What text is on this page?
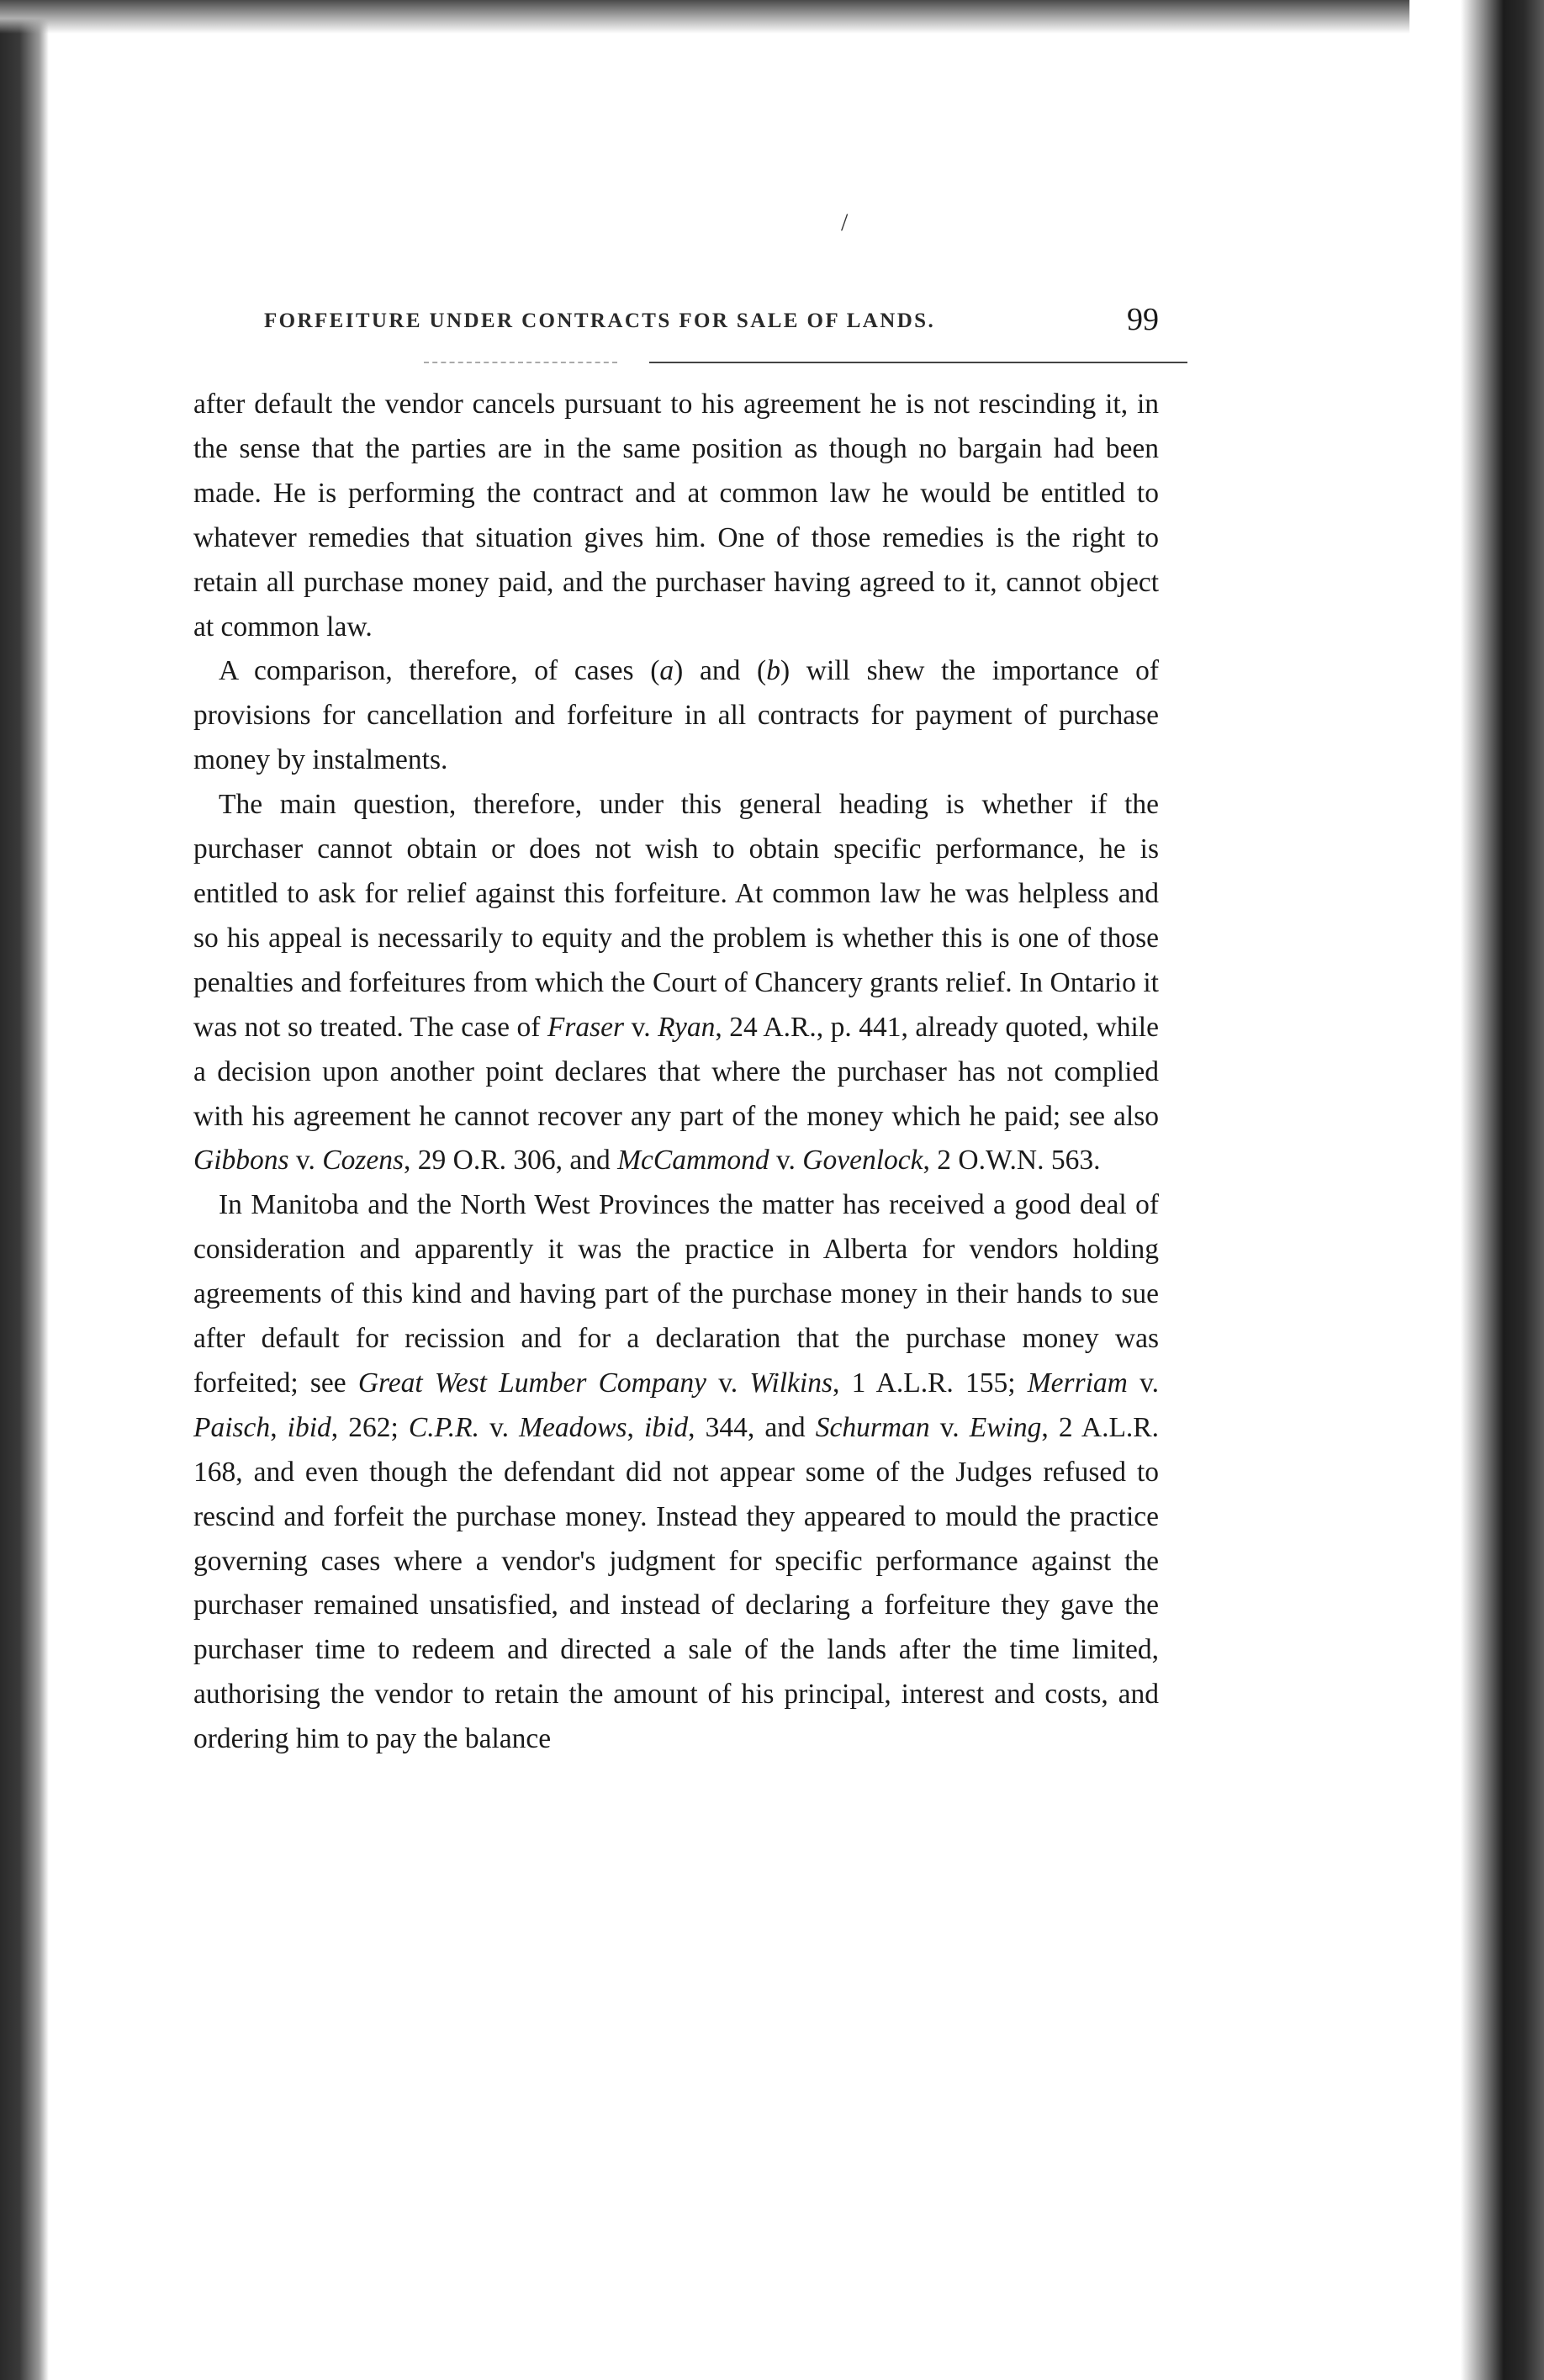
/
FORFEITURE UNDER CONTRACTS FOR SALE OF LANDS.	99

after default the vendor cancels pursuant to his agreement he is not rescinding it, in the sense that the parties are in the same position as though no bargain had been made. He is performing the contract and at common law he would be entitled to whatever remedies that situation gives him. One of those remedies is the right to retain all purchase money paid, and the purchaser having agreed to it, cannot object at common law.

A comparison, therefore, of cases (a) and (b) will shew the importance of provisions for cancellation and forfeiture in all contracts for payment of purchase money by instalments.

The main question, therefore, under this general heading is whether if the purchaser cannot obtain or does not wish to obtain specific performance, he is entitled to ask for relief against this forfeiture. At common law he was helpless and so his appeal is necessarily to equity and the problem is whether this is one of those penalties and forfeitures from which the Court of Chancery grants relief. In Ontario it was not so treated. The case of Fraser v. Ryan, 24 A.R., p. 441, already quoted, while a decision upon another point declares that where the purchaser has not complied with his agreement he cannot recover any part of the money which he paid; see also Gibbons v. Cozens, 29 O.R. 306, and McCammond v. Govenlock, 2 O.W.N. 563.

In Manitoba and the North West Provinces the matter has received a good deal of consideration and apparently it was the practice in Alberta for vendors holding agreements of this kind and having part of the purchase money in their hands to sue after default for recission and for a declaration that the purchase money was forfeited; see Great West Lumber Company v. Wilkins, 1 A.L.R. 155; Merriam v. Paisch, ibid, 262; C.P.R. v. Meadows, ibid, 344, and Schurman v. Ewing, 2 A.L.R. 168, and even though the defendant did not appear some of the Judges refused to rescind and forfeit the purchase money. Instead they appeared to mould the practice governing cases where a vendor's judgment for specific performance against the purchaser remained unsatisfied, and instead of declaring a forfeiture they gave the purchaser time to redeem and directed a sale of the lands after the time limited, authorising the vendor to retain the amount of his principal, interest and costs, and ordering him to pay the balance
